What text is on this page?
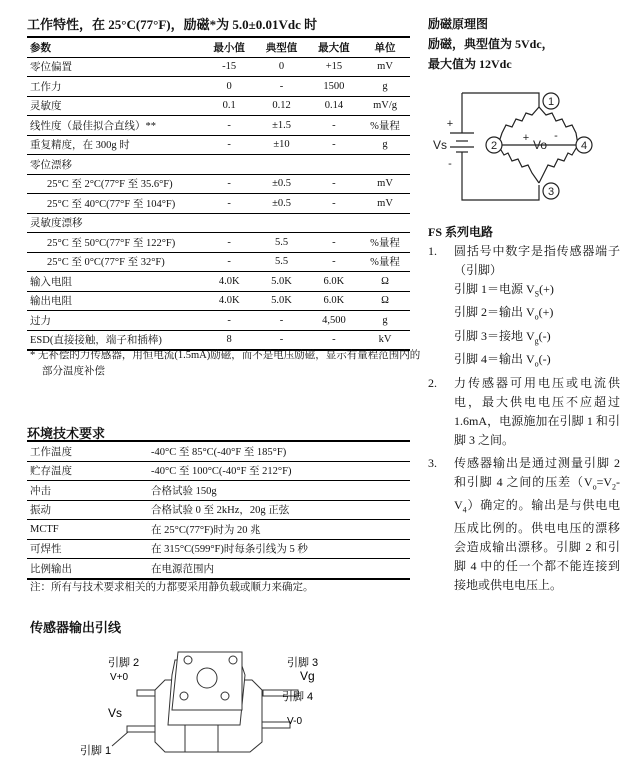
工作特性，在 25°C(77°F)，励磁*为 5.0±0.01Vdc 时
参数	最小值	典型值	最大值	单位
零位偏置	-15	0	+15	mV
工作力	0	-	1500	g
灵敏度	0.1	0.12	0.14	mV/g
线性度（最佳拟合直线）**	-	±1.5	-	%量程
重复精度，在 300g 时	-	±10	-	g
零位漂移				
25°C 至 2°C(77°F 至 35.6°F)	-	±0.5	-	mV
25°C 至 40°C(77°F 至 104°F)	-	±0.5	-	mV
灵敏度漂移				
25°C 至 50°C(77°F 至 122°F)	-	5.5	-	%量程
25°C 至 0°C(77°F 至 32°F)	-	5.5	-	%量程
输入电阻	4.0K	5.0K	6.0K	Ω
输出电阻	4.0K	5.0K	6.0K	Ω
过力	-	-	4,500	g
ESD(直接接触，端子和插棒)	8	-	-	kV
* 无补偿的力传感器，用恒电流(1.5mA)励磁，而不是电压励磁，显示有量程范围内的部分温度补偿
环境技术要求
工作温度	-40°C 至 85°C(-40°F 至 185°F)
贮存温度	-40°C 至 100°C(-40°F 至 212°F)
冲击	合格试验 150g
振动	合格试验 0 至 2kHz，20g 正弦
MCTF	在 25°C(77°F)时为 20 兆
可焊性	在 315°C(599°F)时每条引线为 5 秒
比例输出	在电源范围内
注：所有与技术要求相关的力都要采用静负载或顺力来确定。
传感器输出引线
引脚 2
V+0
引脚 3
Vg
引脚 4
V-0
Vs
引脚 1
励磁原理图
励磁，典型值为 5Vdc，
最大值为 12Vdc
1
2	4
3
+
-
Vs	+ Vo
-
FS 系列电路
1.	圆括号中数字是指传感器端子（引脚）
引脚 1＝电源 $V_S(+)$
引脚 2＝输出 $V_o(+)$
引脚 3＝接地 $V_g(-)$
引脚 4＝输出 $V_o(-)$
2.	力传感器可用电压或电流供电，最大供电电压不应超过 1.6mA，电源施加在引脚 1 和引脚 3 之间。
3.	传感器输出是通过测量引脚 2 和引脚 4 之间的压差$(V_o=V_2-V_4)$确定的。输出是与供电电压成比例的。供电电压的漂移会造成输出漂移。引脚 2 和引脚 4 中的任一个都不能连接到接地或供电电压上。
